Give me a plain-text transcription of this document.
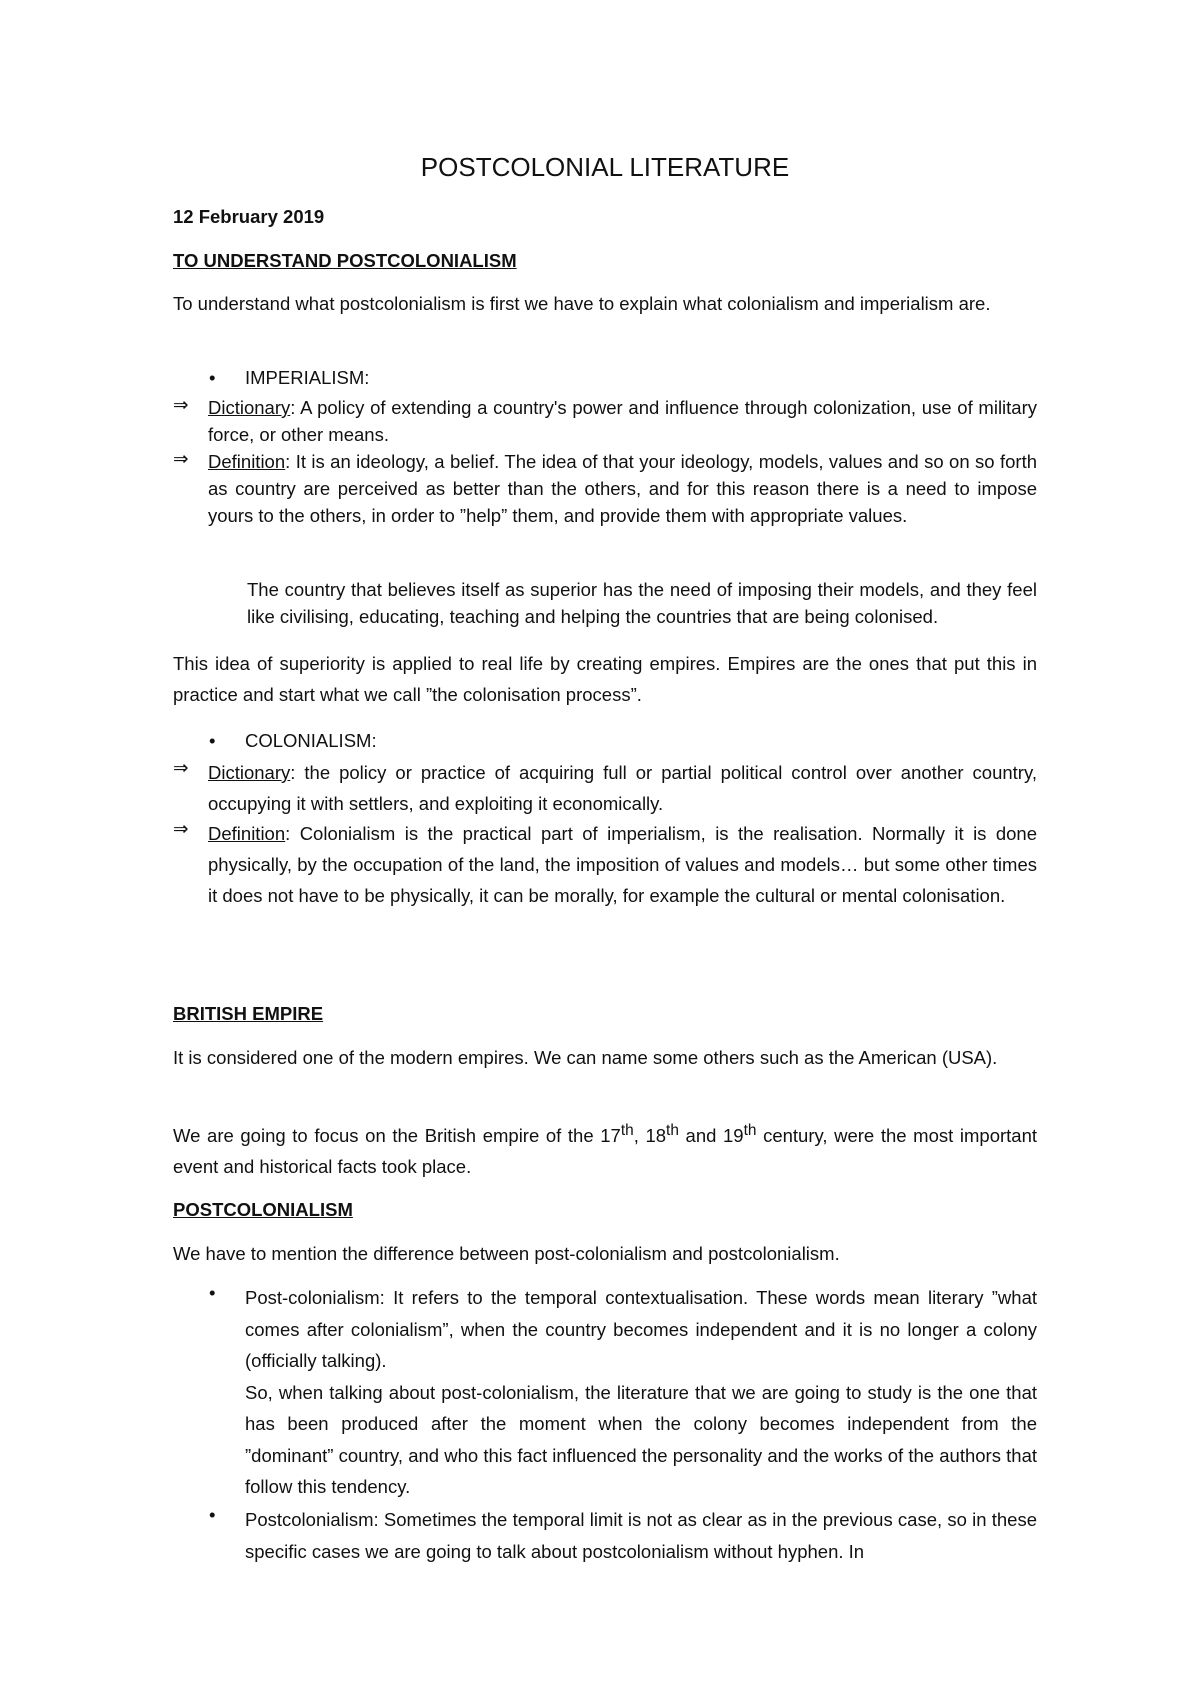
POSTCOLONIAL LITERATURE
12 February 2019
TO UNDERSTAND POSTCOLONIALISM

To understand what postcolonialism is first we have to explain what colonialism and imperialism are.

• IMPERIALISM:
⇒	Dictionary: A policy of extending a country's power and influence through colonization, use of military force, or other means.
⇒	Definition: It is an ideology, a belief. The idea of that your ideology, models, values and so on so forth as country are perceived as better than the others, and for this reason there is a need to impose yours to the others, in order to ”help” them, and provide them with appropriate values.

The country that believes itself as superior has the need of imposing their models, and they feel like civilising, educating, teaching and helping the countries that are being colonised.

This idea of superiority is applied to real life by creating empires. Empires are the ones that put this in practice and start what we call ”the colonisation process”.

• COLONIALISM:
⇒	Dictionary: the policy or practice of acquiring full or partial political control over another country, occupying it with settlers, and exploiting it economically.
⇒	Definition: Colonialism is the practical part of imperialism, is the realisation. Normally it is done physically, by the occupation of the land, the imposition of values and models… but some other times it does not have to be physically, it can be morally, for example the cultural or mental colonisation.
BRITISH EMPIRE

It is considered one of the modern empires. We can name some others such as the American (USA).

We are going to focus on the British empire of the 17th, 18th and 19th century, were the most important event and historical facts took place.

POSTCOLONIALISM

We have to mention the difference between post-colonialism and postcolonialism.

• Post-colonialism: It refers to the temporal contextualisation. These words mean literary ”what comes after colonialism”, when the country becomes independent and it is no longer a colony (officially talking).
So, when talking about post-colonialism, the literature that we are going to study is the one that has been produced after the moment when the colony becomes independent from the ”dominant” country, and who this fact influenced the personality and the works of the authors that follow this tendency.
• Postcolonialism: Sometimes the temporal limit is not as clear as in the previous case, so in these specific cases we are going to talk about postcolonialism without hyphen. In
